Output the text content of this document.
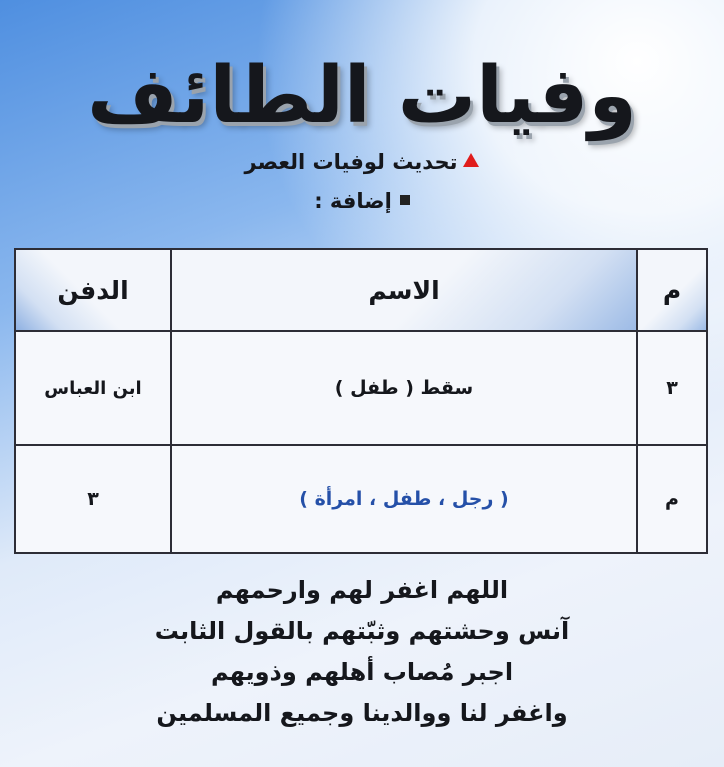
وفيات الطائف
تحديث لوفيات العصر
إضافة :
م
الاسم
الدفن
٣
سقط ( طفل )
ابن العباس
م
( رجل ، طفل ، امرأة )
٣
اللهم اغفر لهم وارحمهم
آنس وحشتهم وثبّتهم بالقول الثابت
اجبر مُصاب أهلهم وذويهم
واغفر لنا ووالدينا وجميع المسلمين
